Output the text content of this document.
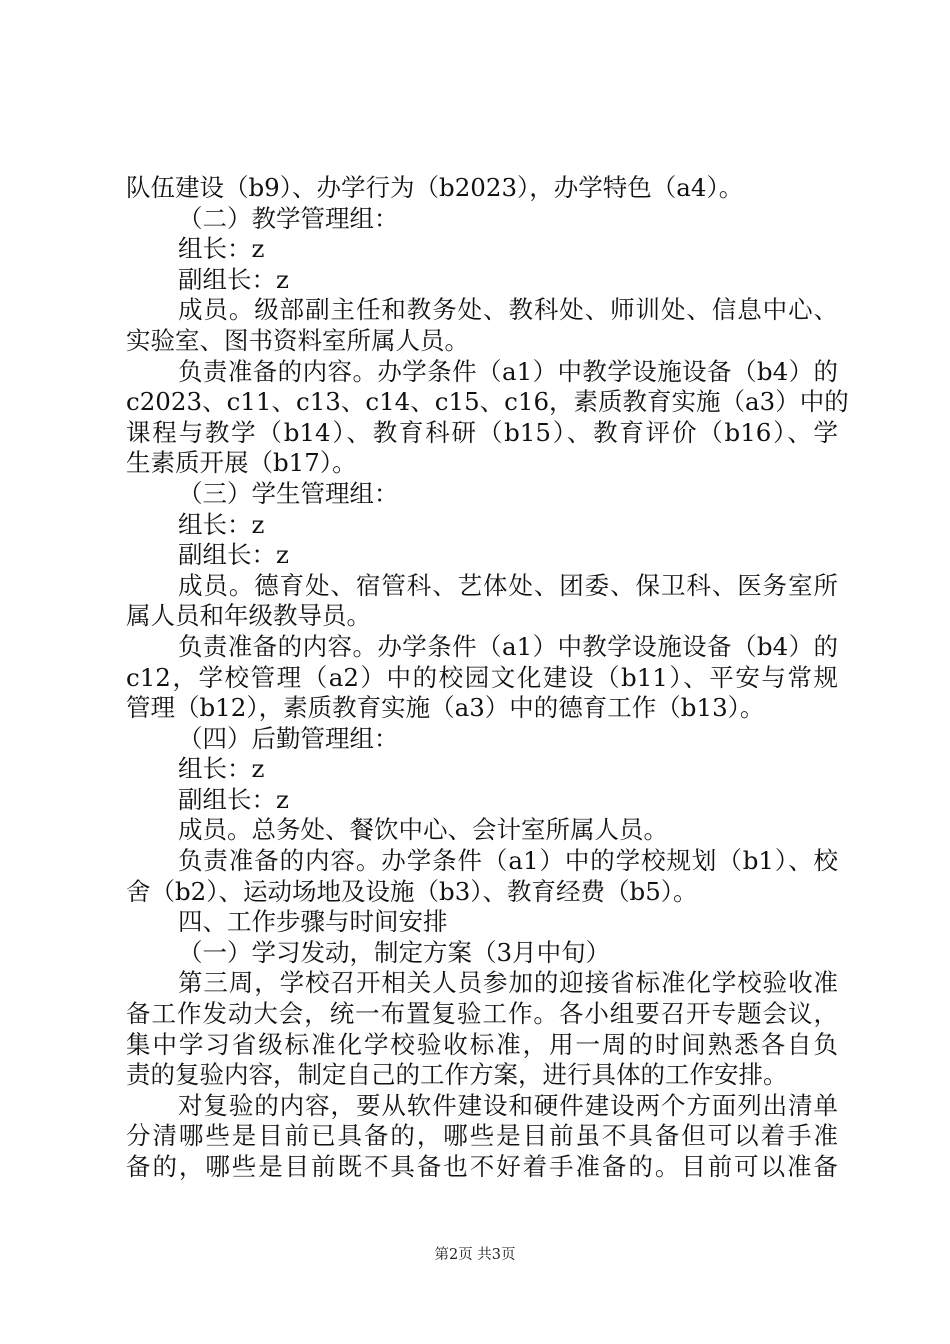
队伍建设（b9）、办学行为（b2023），办学特色（a4）。
（二）教学管理组：
组长：z
副组长：z
成员。级部副主任和教务处、教科处、师训处、信息中心、
实验室、图书资料室所属人员。
负责准备的内容。办学条件（a1）中教学设施设备（b4）的
c2023、c11、c13、c14、c15、c16，素质教育实施（a3）中的
课程与教学（b14）、教育科研（b15）、教育评价（b16）、学
生素质开展（b17）。
（三）学生管理组：
组长：z
副组长：z
成员。德育处、宿管科、艺体处、团委、保卫科、医务室所
属人员和年级教导员。
负责准备的内容。办学条件（a1）中教学设施设备（b4）的
c12，学校管理（a2）中的校园文化建设（b11）、平安与常规
管理（b12），素质教育实施（a3）中的德育工作（b13）。
（四）后勤管理组：
组长：z
副组长：z
成员。总务处、餐饮中心、会计室所属人员。
负责准备的内容。办学条件（a1）中的学校规划（b1）、校
舍（b2）、运动场地及设施（b3）、教育经费（b5）。
四、工作步骤与时间安排
（一）学习发动，制定方案（3月中旬）
第三周，学校召开相关人员参加的迎接省标准化学校验收准
备工作发动大会，统一布置复验工作。各小组要召开专题会议，
集中学习省级标准化学校验收标准，用一周的时间熟悉各自负
责的复验内容，制定自己的工作方案，进行具体的工作安排。
对复验的内容，要从软件建设和硬件建设两个方面列出清单
分清哪些是目前已具备的，哪些是目前虽不具备但可以着手准
备的，哪些是目前既不具备也不好着手准备的。目前可以准备
第2页 共3页
